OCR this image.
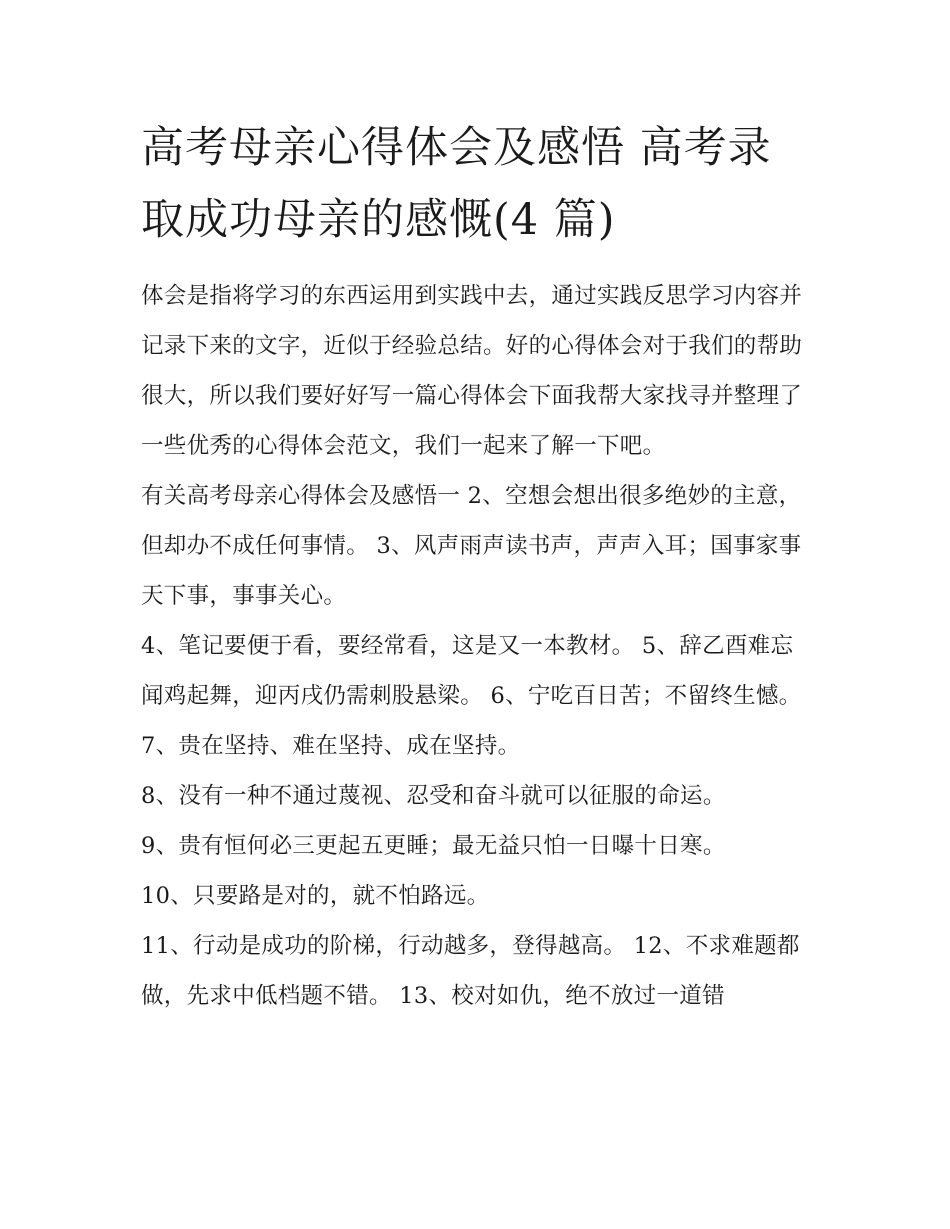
高考母亲心得体会及感悟 高考录取成功母亲的感慨(4 篇)

体会是指将学习的东西运用到实践中去，通过实践反思学习内容并记录下来的文字，近似于经验总结。好的心得体会对于我们的帮助很大，所以我们要好好写一篇心得体会下面我帮大家找寻并整理了一些优秀的心得体会范文，我们一起来了解一下吧。

有关高考母亲心得体会及感悟一 2、空想会想出很多绝妙的主意，但却办不成任何事情。 3、风声雨声读书声，声声入耳；国事家事天下事，事事关心。

4、笔记要便于看，要经常看，这是又一本教材。 5、辞乙酉难忘闻鸡起舞，迎丙戌仍需刺股悬梁。 6、宁吃百日苦；不留终生憾。 7、贵在坚持、难在坚持、成在坚持。

8、没有一种不通过蔑视、忍受和奋斗就可以征服的命运。

9、贵有恒何必三更起五更睡；最无益只怕一日曝十日寒。

10、只要路是对的，就不怕路远。

11、行动是成功的阶梯，行动越多，登得越高。 12、不求难题都做，先求中低档题不错。 13、校对如仇，绝不放过一道错
